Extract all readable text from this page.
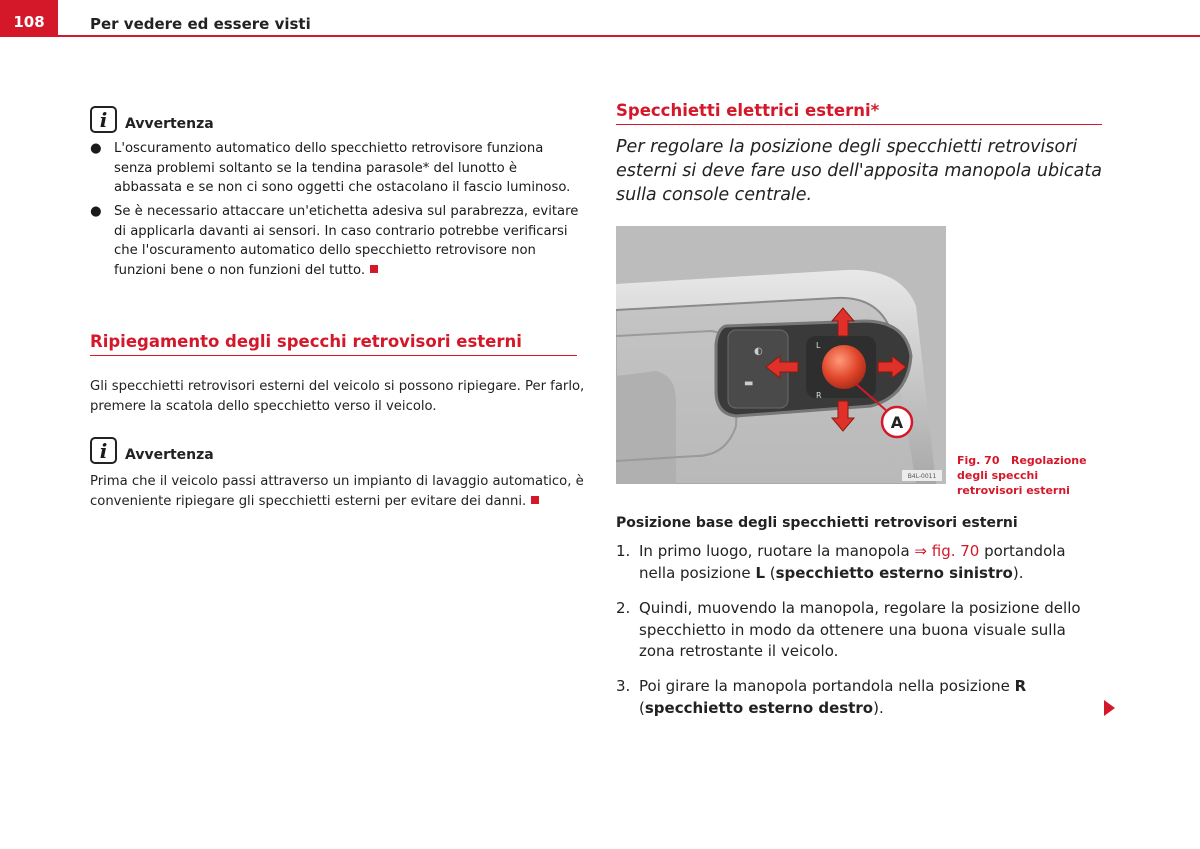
108	Per vedere ed essere visti
i Avvertenza
● L'oscuramento automatico dello specchietto retrovisore funziona senza problemi soltanto se la tendina parasole* del lunotto è abbassata e se non ci sono oggetti che ostacolano il fascio luminoso.
● Se è necessario attaccare un'etichetta adesiva sul parabrezza, evitare di applicarla davanti ai sensori. In caso contrario potrebbe verificarsi che l'oscuramento automatico dello specchietto retrovisore non funzioni bene o non funzioni del tutto.
Ripiegamento degli specchi retrovisori esterni
Gli specchietti retrovisori esterni del veicolo si possono ripiegare. Per farlo, premere la scatola dello specchietto verso il veicolo.
i Avvertenza
Prima che il veicolo passi attraverso un impianto di lavaggio automatico, è conveniente ripiegare gli specchietti esterni per evitare dei danni.
Specchietti elettrici esterni*
Per regolare la posizione degli specchietti retrovisori esterni si deve fare uso dell'apposita manopola ubicata sulla console centrale.
◐
▬
L
R
A
B4L-0011
Fig. 70 Regolazione degli specchi retrovisori esterni
Posizione base degli specchietti retrovisori esterni
1. In primo luogo, ruotare la manopola ⇒ fig. 70 portandola nella posizione L (specchietto esterno sinistro).
2. Quindi, muovendo la manopola, regolare la posizione dello specchietto in modo da ottenere una buona visuale sulla zona retrostante il veicolo.
3. Poi girare la manopola portandola nella posizione R (specchietto esterno destro).
